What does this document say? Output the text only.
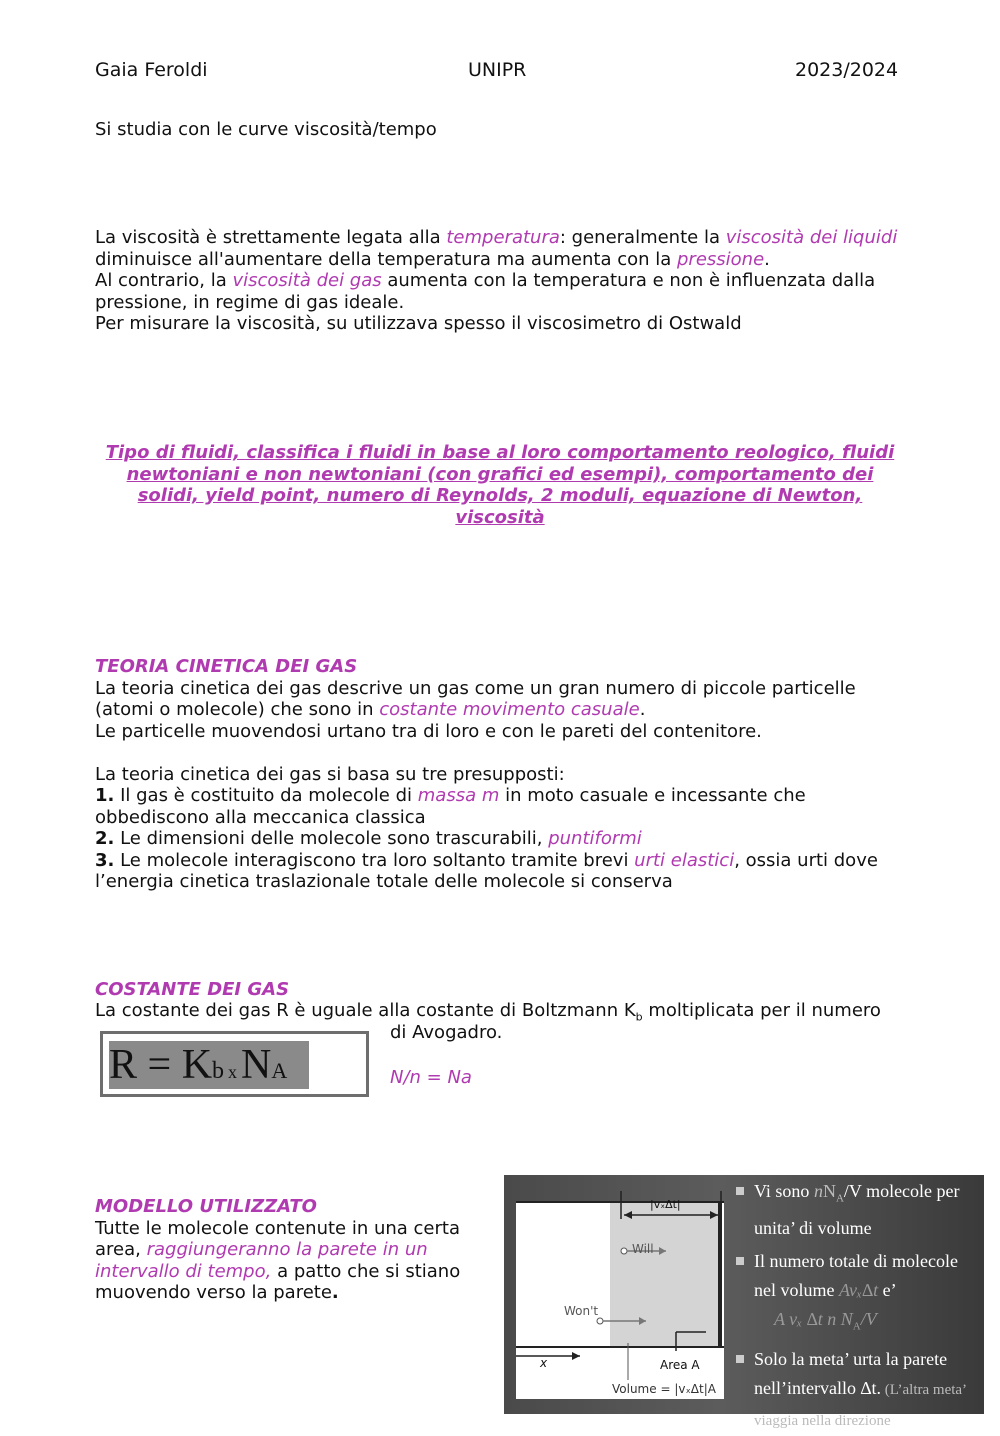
Gaia Feroldi	UNIPR	2023/2024

Si studia con le curve viscosità/tempo

La viscosità è strettamente legata alla temperatura: generalmente la viscosità dei liquidi diminuisce all'aumentare della temperatura ma aumenta con la pressione.

Al contrario, la viscosità dei gas aumenta con la temperatura e non è influenzata dalla pressione, in regime di gas ideale.

Per misurare la viscosità, su utilizzava spesso il viscosimetro di Ostwald

Tipo di fluidi, classifica i fluidi in base al loro comportamento reologico, fluidi newtoniani e non newtoniani (con grafici ed esempi), comportamento dei solidi, yield point, numero di Reynolds, 2 moduli, equazione di Newton, viscosità

TEORIA CINETICA DEI GAS

La teoria cinetica dei gas descrive un gas come un gran numero di piccole particelle (atomi o molecole) che sono in costante movimento casuale.

Le particelle muovendosi urtano tra di loro e con le pareti del contenitore.

La teoria cinetica dei gas si basa su tre presupposti:

1. Il gas è costituito da molecole di massa m in moto casuale e incessante che obbediscono alla meccanica classica

2. Le dimensioni delle molecole sono trascurabili, puntiformi

3. Le molecole interagiscono tra loro soltanto tramite brevi urti elastici, ossia urti dove l’energia cinetica traslazionale totale delle molecole si conserva

COSTANTE DEI GAS

La costante dei gas R è uguale alla costante di Boltzmann $K_b$ moltiplicata per il numero

di Avogadro.

R = Kb x NA	N/n = Na

MODELLO UTILIZZATO

Tutte le molecole contenute in una certa area, raggiungeranno la parete in un intervallo di tempo, a patto che si stiano muovendo verso la parete.

|vₓΔt|
Will
Won't
x	Area A
Volume = |vₓΔt|A
Vi sono $nN_A/V$ molecole per unita’ di volume
Il numero totale di molecole nel volume Avₓ∆t e’
A vₓ ∆t n $N_A/V$
Solo la meta’ urta la parete nell’intervallo ∆t. (L’altra meta’ viaggia nella direzione
